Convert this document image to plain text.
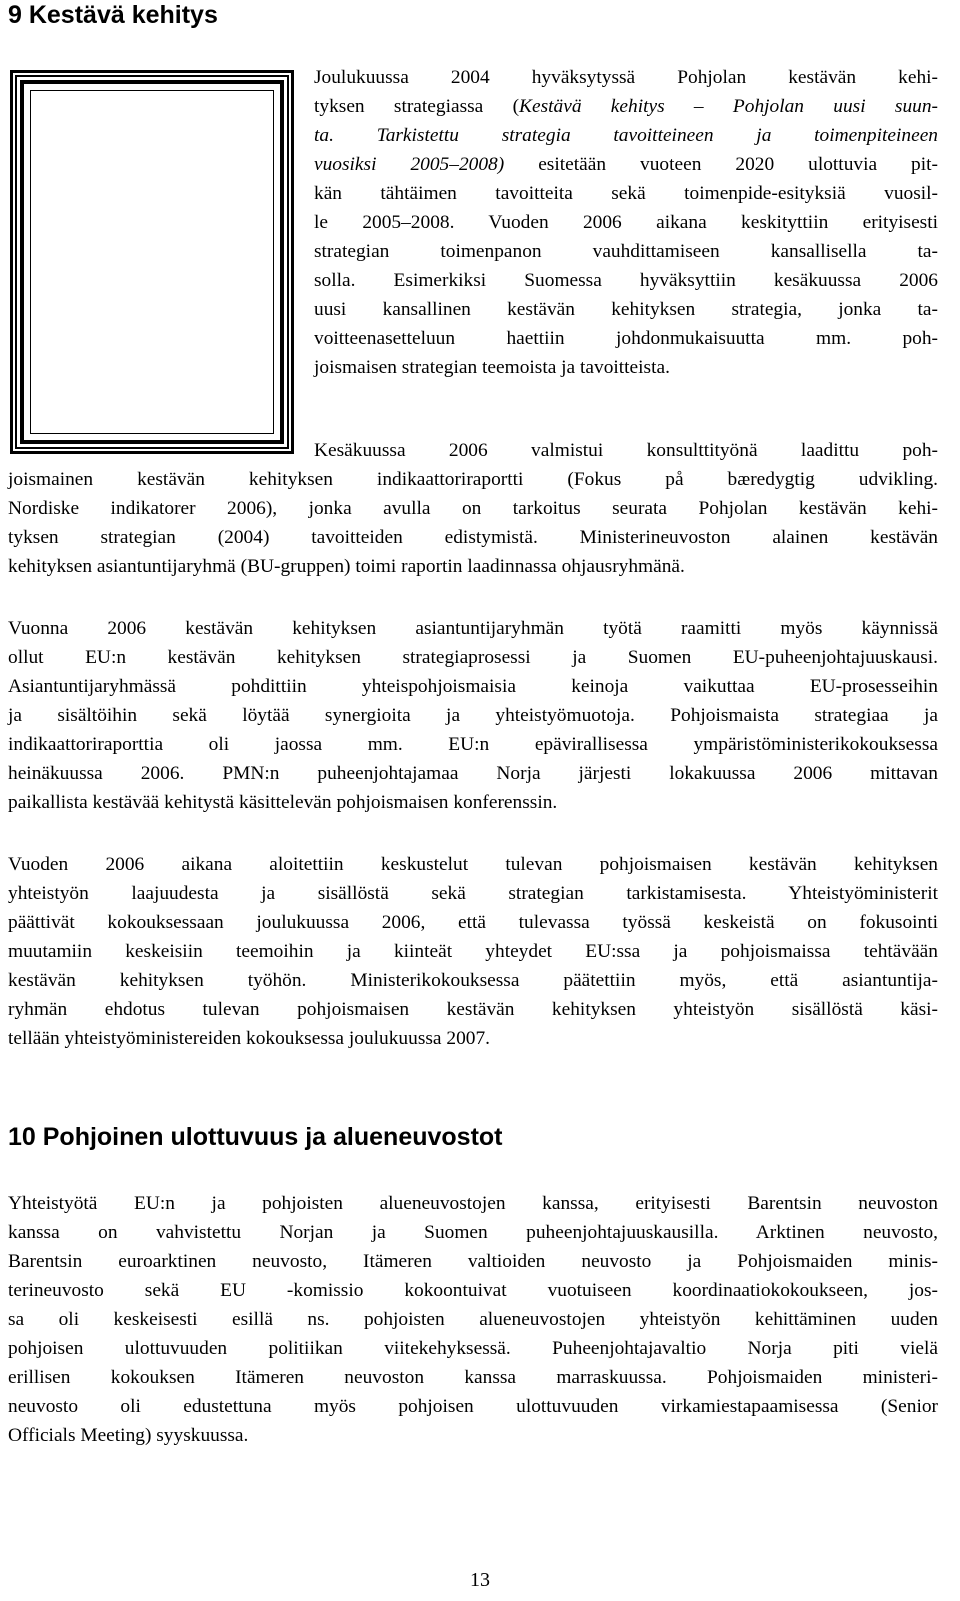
9 Kestävä kehitys
Joulukuussa 2004 hyväksytyssä Pohjolan kestävän kehi-
tyksen strategiassa (Kestävä kehitys – Pohjolan uusi suun-
ta. Tarkistettu strategia tavoitteineen ja toimenpiteineen
vuosiksi 2005–2008) esitetään vuoteen 2020 ulottuvia pit-
kän tähtäimen tavoitteita sekä toimenpide-esityksiä vuosil-
le 2005–2008. Vuoden 2006 aikana keskityttiin erityisesti
strategian toimenpanon vauhdittamiseen kansallisella ta-
solla. Esimerkiksi Suomessa hyväksyttiin kesäkuussa 2006
uusi kansallinen kestävän kehityksen strategia, jonka ta-
voitteenasetteluun haettiin johdonmukaisuutta mm. poh-
joismaisen strategian teemoista ja tavoitteista.
Kesäkuussa 2006 valmistui konsulttityönä laadittu poh-
joismainen kestävän kehityksen indikaattoriraportti (Fokus på bæredygtig udvikling.
Nordiske indikatorer 2006), jonka avulla on tarkoitus seurata Pohjolan kestävän kehi-
tyksen strategian (2004) tavoitteiden edistymistä. Ministerineuvoston alainen kestävän
kehityksen asiantuntijaryhmä (BU-gruppen) toimi raportin laadinnassa ohjausryhmänä.
Vuonna 2006 kestävän kehityksen asiantuntijaryhmän työtä raamitti myös käynnissä
ollut EU:n kestävän kehityksen strategiaprosessi ja Suomen EU-puheenjohtajuuskausi.
Asiantuntijaryhmässä pohdittiin yhteispohjoismaisia keinoja vaikuttaa EU-prosesseihin
ja sisältöihin sekä löytää synergioita ja yhteistyömuotoja. Pohjoismaista strategiaa ja
indikaattoriraporttia oli jaossa mm. EU:n epävirallisessa ympäristöministerikokouksessa
heinäkuussa 2006. PMN:n puheenjohtajamaa Norja järjesti lokakuussa 2006 mittavan
paikallista kestävää kehitystä käsittelevän pohjoismaisen konferenssin.
Vuoden 2006 aikana aloitettiin keskustelut tulevan pohjoismaisen kestävän kehityksen
yhteistyön laajuudesta ja sisällöstä sekä strategian tarkistamisesta. Yhteistyöministerit
päättivät kokouksessaan joulukuussa 2006, että tulevassa työssä keskeistä on fokusointi
muutamiin keskeisiin teemoihin ja kiinteät yhteydet EU:ssa ja pohjoismaissa tehtävään
kestävän kehityksen työhön. Ministerikokouksessa päätettiin myös, että asiantuntija-
ryhmän ehdotus tulevan pohjoismaisen kestävän kehityksen yhteistyön sisällöstä käsi-
tellään yhteistyöministereiden kokouksessa joulukuussa 2007.
10 Pohjoinen ulottuvuus ja alueneuvostot
Yhteistyötä EU:n ja pohjoisten alueneuvostojen kanssa, erityisesti Barentsin neuvoston
kanssa on vahvistettu Norjan ja Suomen puheenjohtajuuskausilla. Arktinen neuvosto,
Barentsin euroarktinen neuvosto, Itämeren valtioiden neuvosto ja Pohjoismaiden minis-
terineuvosto sekä EU -komissio kokoontuivat vuotuiseen koordinaatiokokoukseen, jos-
sa oli keskeisesti esillä ns. pohjoisten alueneuvostojen yhteistyön kehittäminen uuden
pohjoisen ulottuvuuden politiikan viitekehyksessä. Puheenjohtajavaltio Norja piti vielä
erillisen kokouksen Itämeren neuvoston kanssa marraskuussa. Pohjoismaiden ministeri-
neuvosto oli edustettuna myös pohjoisen ulottuvuuden virkamiestapaamisessa (Senior
Officials Meeting) syyskuussa.
13
